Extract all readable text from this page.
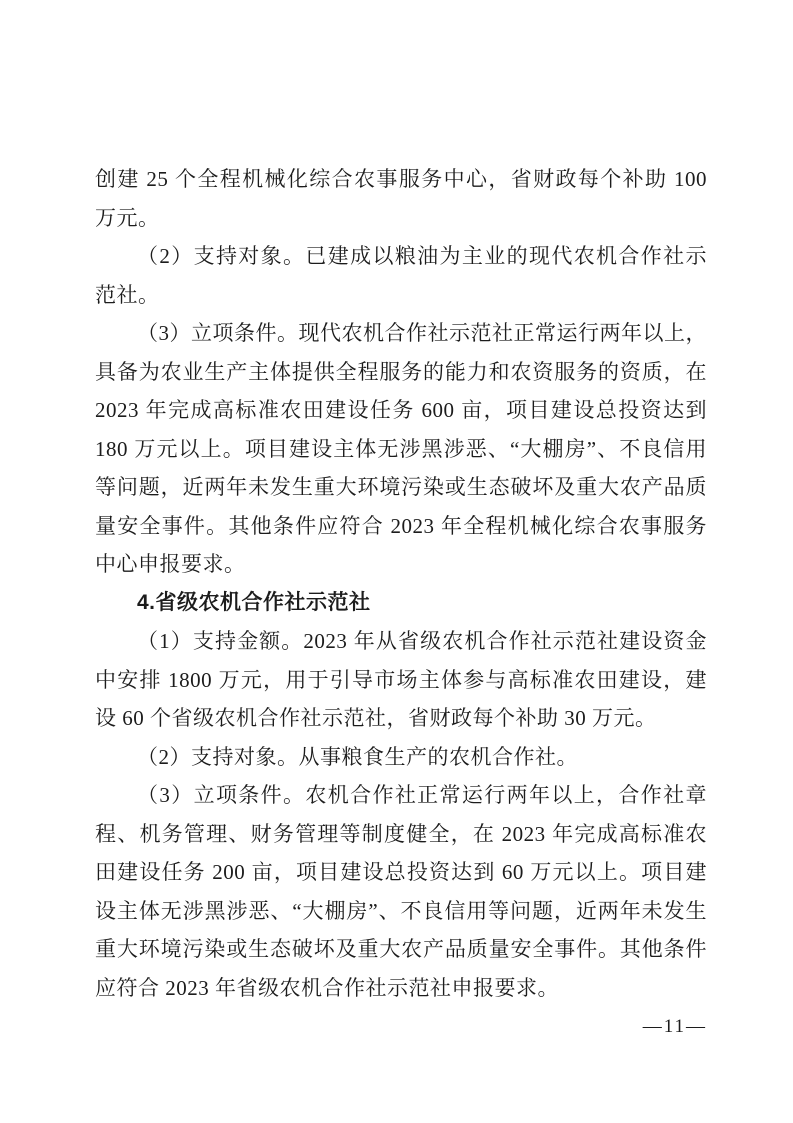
创建 25 个全程机械化综合农事服务中心，省财政每个补助 100
万元。
（2）支持对象。已建成以粮油为主业的现代农机合作社示
范社。
（3）立项条件。现代农机合作社示范社正常运行两年以上，
具备为农业生产主体提供全程服务的能力和农资服务的资质，在
2023 年完成高标准农田建设任务 600 亩，项目建设总投资达到
180 万元以上。项目建设主体无涉黑涉恶、“大棚房”、不良信用
等问题，近两年未发生重大环境污染或生态破坏及重大农产品质
量安全事件。其他条件应符合 2023 年全程机械化综合农事服务
中心申报要求。
4.省级农机合作社示范社
（1）支持金额。2023 年从省级农机合作社示范社建设资金
中安排 1800 万元，用于引导市场主体参与高标准农田建设，建
设 60 个省级农机合作社示范社，省财政每个补助 30 万元。
（2）支持对象。从事粮食生产的农机合作社。
（3）立项条件。农机合作社正常运行两年以上，合作社章
程、机务管理、财务管理等制度健全，在 2023 年完成高标准农
田建设任务 200 亩，项目建设总投资达到 60 万元以上。项目建
设主体无涉黑涉恶、“大棚房”、不良信用等问题，近两年未发生
重大环境污染或生态破坏及重大农产品质量安全事件。其他条件
应符合 2023 年省级农机合作社示范社申报要求。
—11—
